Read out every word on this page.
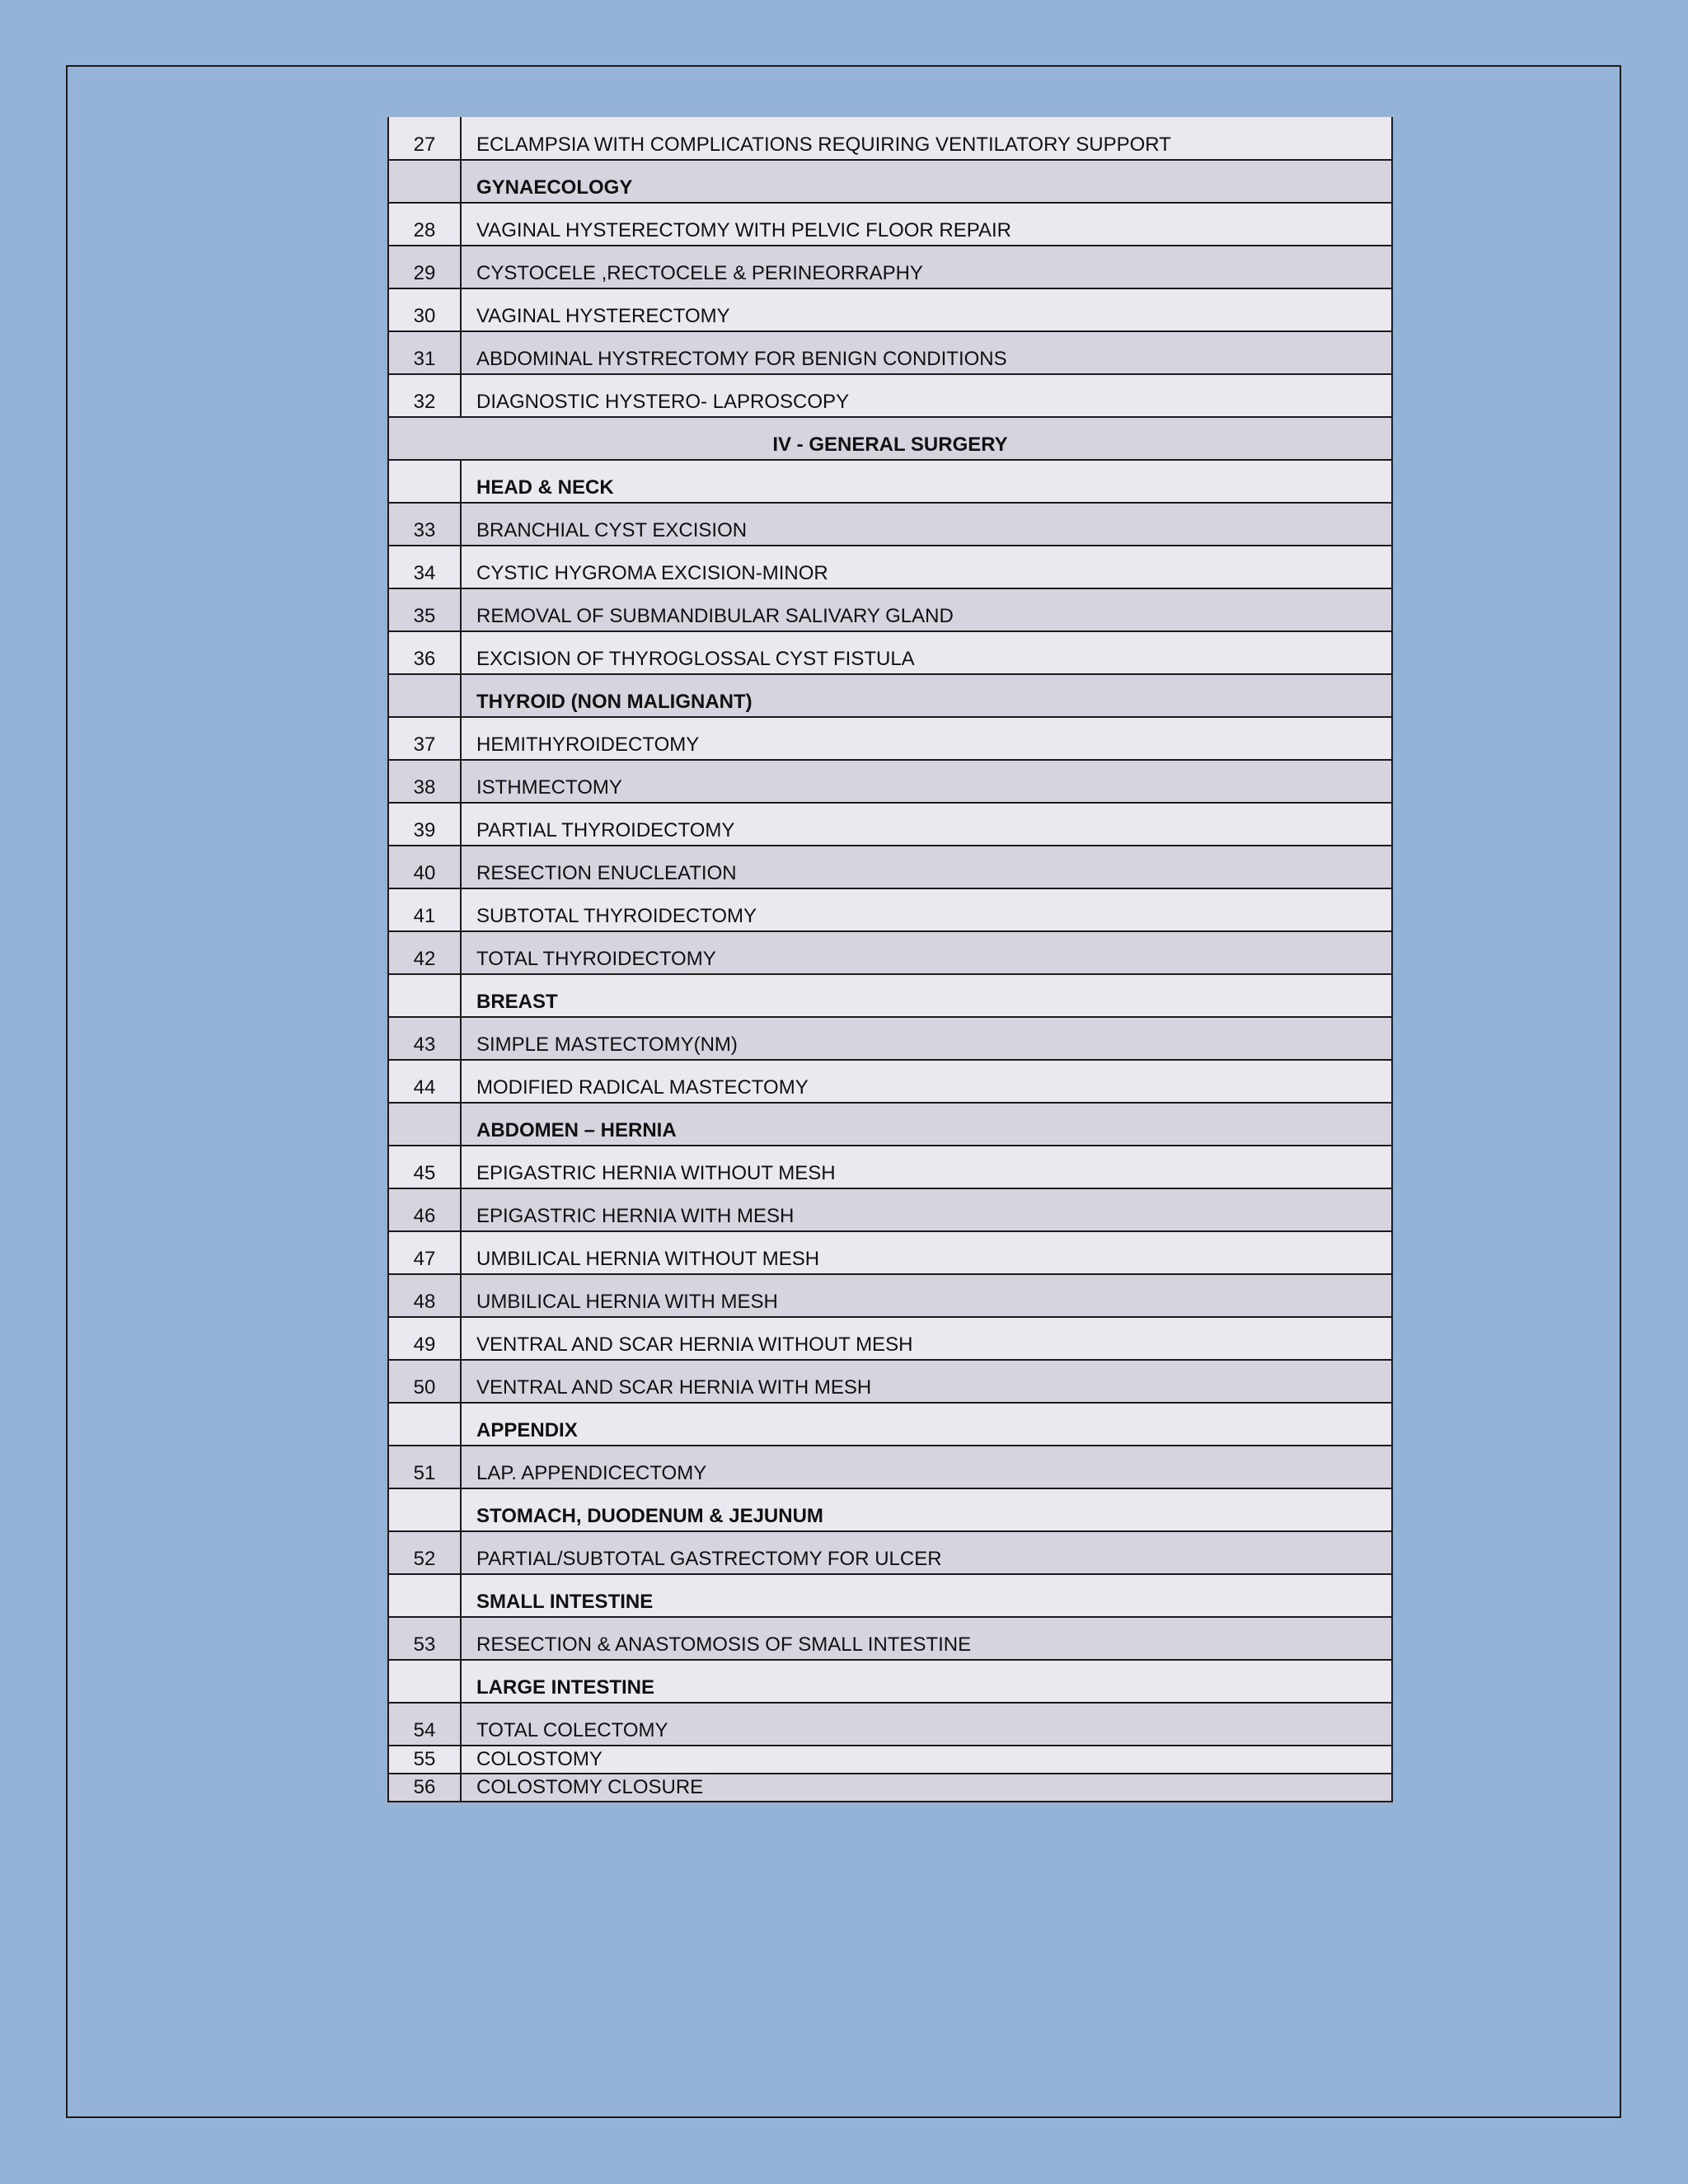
27	ECLAMPSIA WITH COMPLICATIONS REQUIRING VENTILATORY SUPPORT
	GYNAECOLOGY
28	VAGINAL HYSTERECTOMY WITH PELVIC FLOOR REPAIR
29	CYSTOCELE ,RECTOCELE & PERINEORRAPHY
30	VAGINAL HYSTERECTOMY
31	ABDOMINAL HYSTRECTOMY FOR BENIGN CONDITIONS
32	DIAGNOSTIC HYSTERO- LAPROSCOPY
IV - GENERAL SURGERY	
	HEAD & NECK
33	BRANCHIAL CYST EXCISION
34	CYSTIC HYGROMA EXCISION-MINOR
35	REMOVAL OF SUBMANDIBULAR SALIVARY GLAND
36	EXCISION OF THYROGLOSSAL CYST FISTULA
	THYROID (NON MALIGNANT)
37	HEMITHYROIDECTOMY
38	ISTHMECTOMY
39	PARTIAL THYROIDECTOMY
40	RESECTION ENUCLEATION
41	SUBTOTAL THYROIDECTOMY
42	TOTAL THYROIDECTOMY
	BREAST
43	SIMPLE MASTECTOMY(NM)
44	MODIFIED RADICAL MASTECTOMY
	ABDOMEN – HERNIA
45	EPIGASTRIC HERNIA WITHOUT MESH
46	EPIGASTRIC HERNIA WITH MESH
47	UMBILICAL HERNIA WITHOUT MESH
48	UMBILICAL HERNIA WITH MESH
49	VENTRAL AND SCAR HERNIA WITHOUT MESH
50	VENTRAL AND SCAR HERNIA WITH MESH
	APPENDIX
51	LAP. APPENDICECTOMY
	STOMACH, DUODENUM & JEJUNUM
52	PARTIAL/SUBTOTAL GASTRECTOMY FOR ULCER
	SMALL INTESTINE
53	RESECTION & ANASTOMOSIS OF SMALL INTESTINE
	LARGE INTESTINE
54	TOTAL COLECTOMY
55	COLOSTOMY
56	COLOSTOMY CLOSURE
